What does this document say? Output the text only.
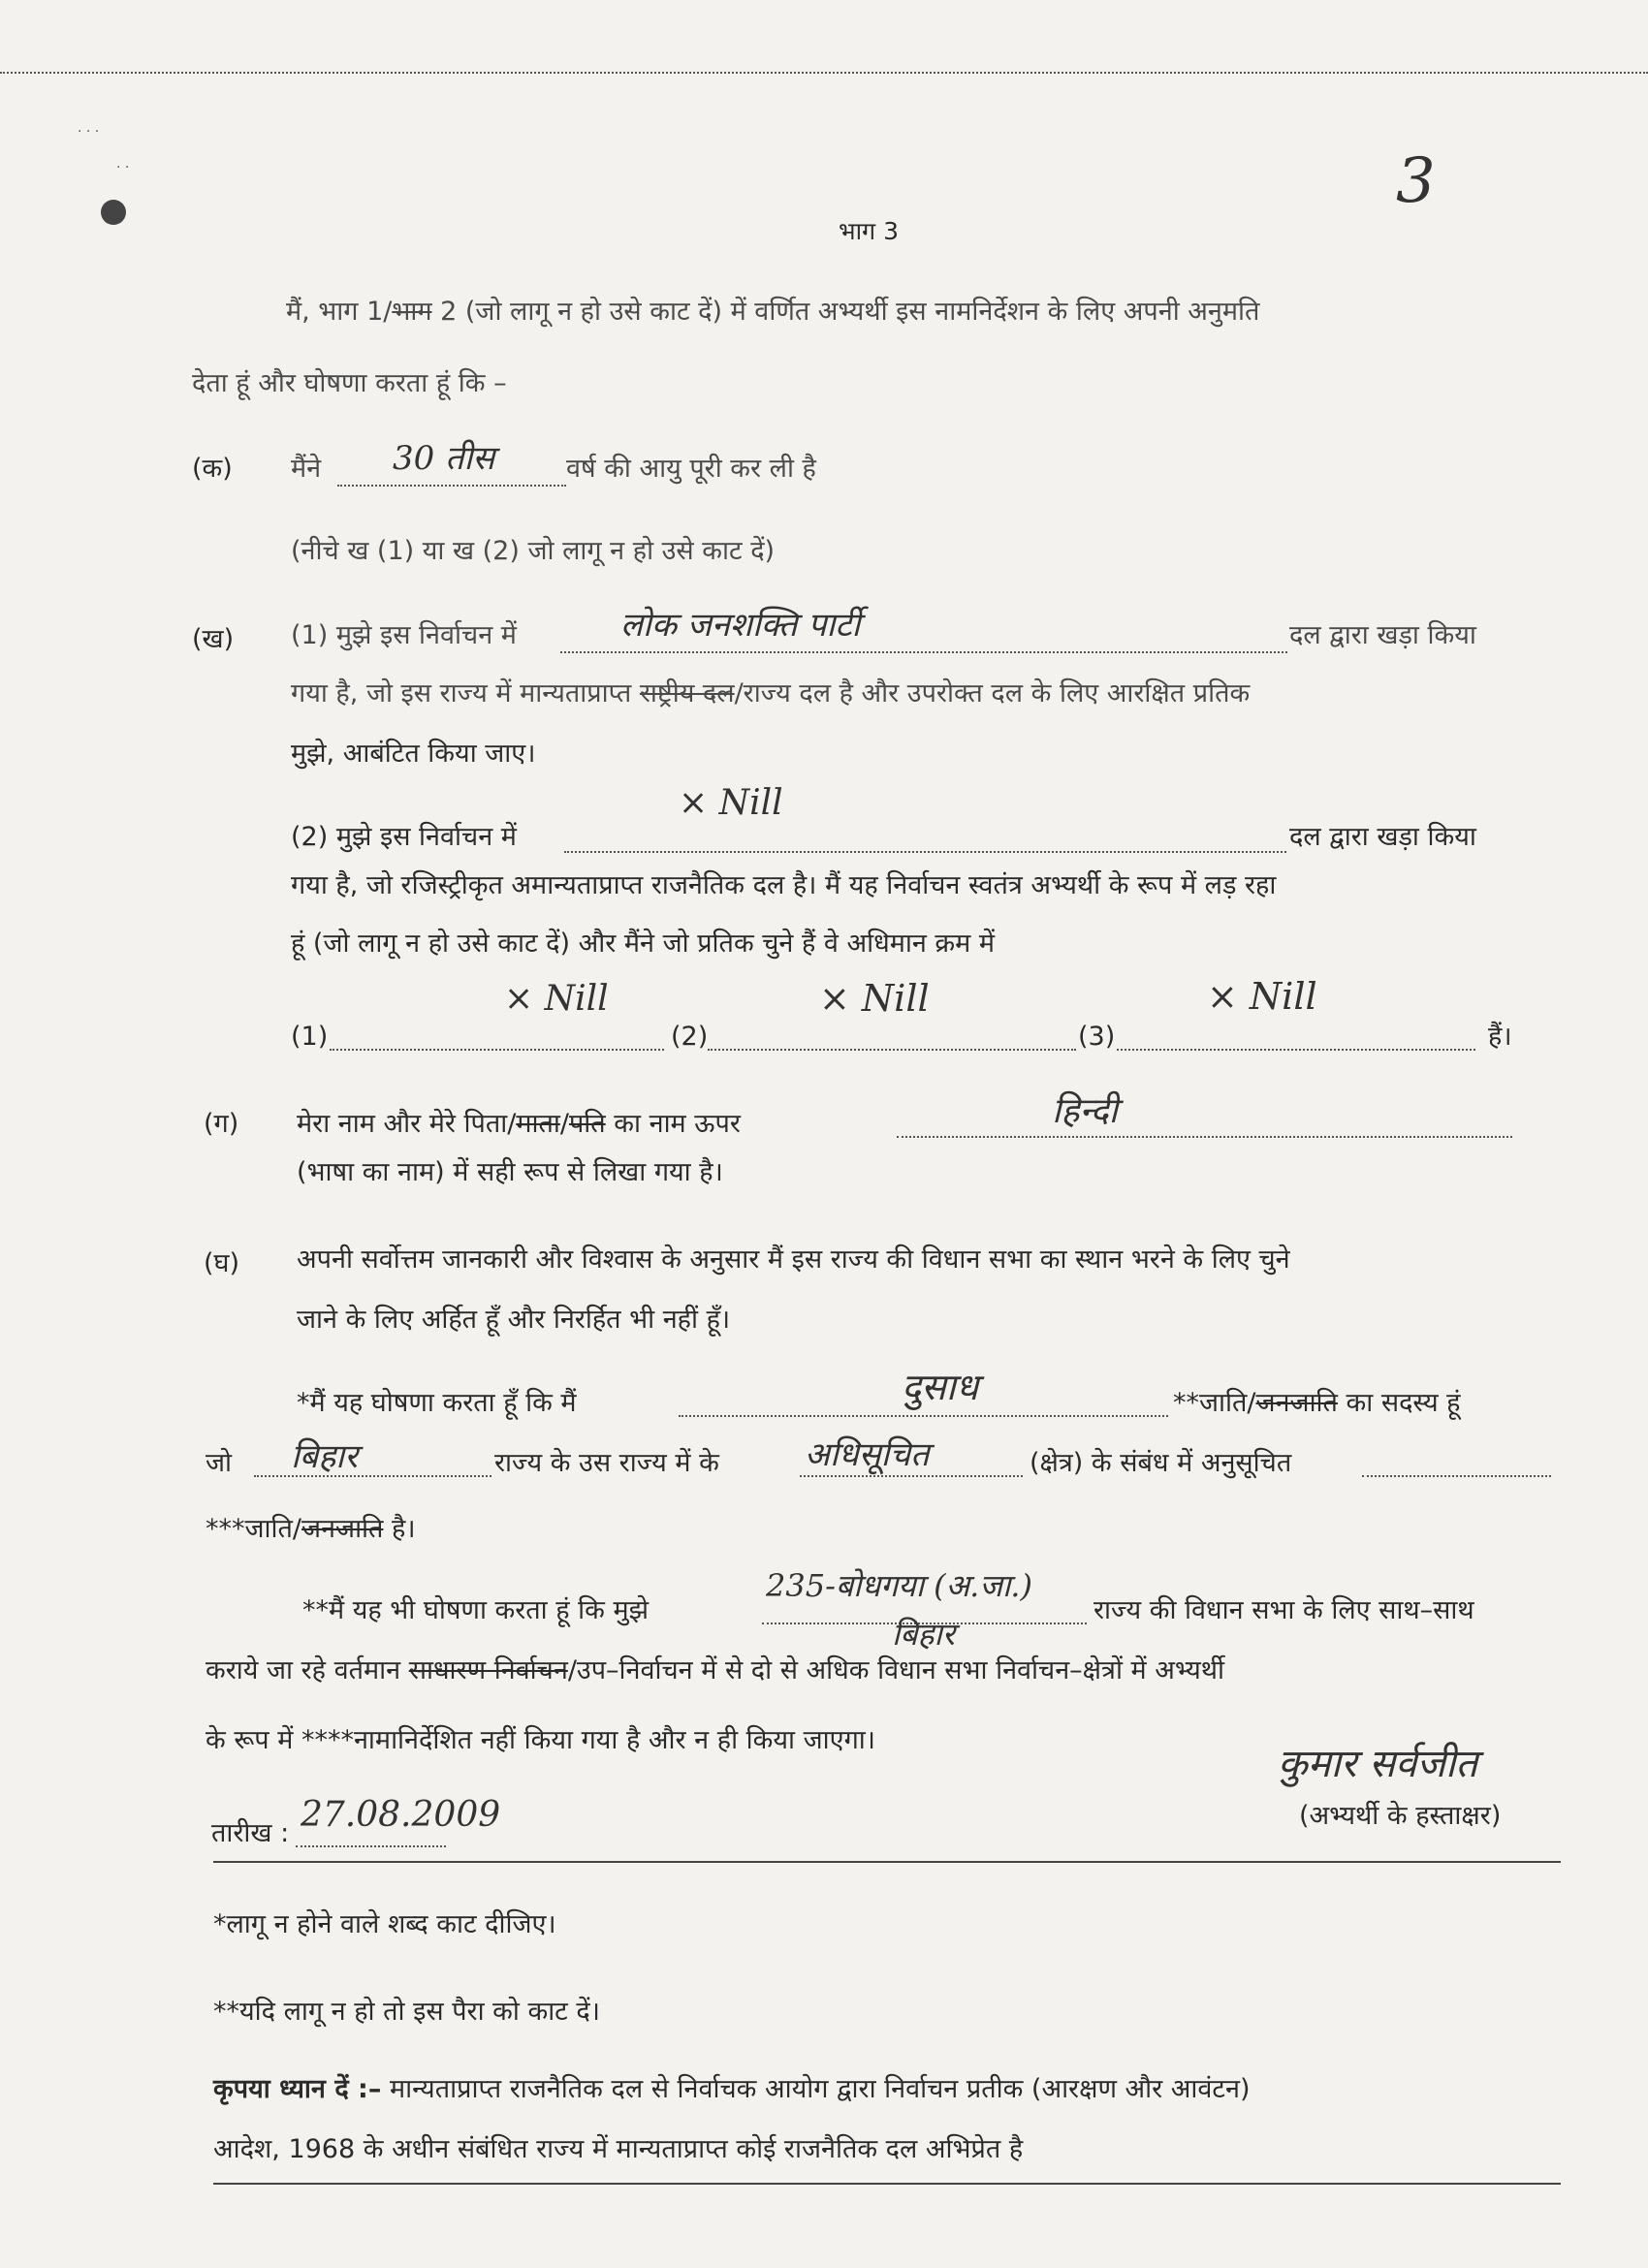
· · ·
· ·	3
भाग 3
मैं, भाग 1/भाग 2 (जो लागू न हो उसे काट दें) में वर्णित अभ्यर्थी इस नामनिर्देशन के लिए अपनी अनुमति
देता हूं और घोषणा करता हूं कि –
(क) मैंने 30 तीस	वर्ष की आयु पूरी कर ली है
(नीचे ख (1) या ख (2) जो लागू न हो उसे काट दें)
(ख) (1) मुझे इस निर्वाचन में	लोक जनशक्ति पार्टी	दल द्वारा खड़ा किया
गया है, जो इस राज्य में मान्यताप्राप्त राष्ट्रीय दल/राज्य दल है और उपरोक्त दल के लिए आरक्षित प्रतिक
मुझे, आबंटित किया जाए।
(2) मुझे इस निर्वाचन में
× Nill
दल द्वारा खड़ा किया
गया है, जो रजिस्ट्रीकृत अमान्यताप्राप्त राजनैतिक दल है। मैं यह निर्वाचन स्वतंत्र अभ्यर्थी के रूप में लड़ रहा
हूं (जो लागू न हो उसे काट दें) और मैंने जो प्रतिक चुने हैं वे अधिमान क्रम में
(1)
× Nill
(2)
× Nill
(3)
× Nill
हैं।
(ग) मेरा नाम और मेरे पिता/माता/पति का नाम ऊपर	हिन्दी
(भाषा का नाम) में सही रूप से लिखा गया है।
(घ) अपनी सर्वोत्तम जानकारी और विश्वास के अनुसार मैं इस राज्य की विधान सभा का स्थान भरने के लिए चुने
जाने के लिए अर्हित हूँ और निरर्हित भी नहीं हूँ।
*मैं यह घोषणा करता हूँ कि मैं	दुसाध	**जाति/जनजाति का सदस्य हूं
जो बिहार	राज्य के उस राज्य में के	अधिसूचित	(क्षेत्र) के संबंध में अनुसूचित
***जाति/जनजाति है।
**मैं यह भी घोषणा करता हूं कि मुझे
235-बोधगया (अ.जा.)
बिहार
राज्य की विधान सभा के लिए साथ–साथ
कराये जा रहे वर्तमान साधारण निर्वाचन/उप–निर्वाचन में से दो से अधिक विधान सभा निर्वाचन–क्षेत्रों में अभ्यर्थी
के रूप में ****नामानिर्देशित नहीं किया गया है और न ही किया जाएगा।
कुमार सर्वजीत
तारीख : 27.08.2009	(अभ्यर्थी के हस्ताक्षर)
*लागू न होने वाले शब्द काट दीजिए।
**यदि लागू न हो तो इस पैरा को काट दें।
कृपया ध्यान दें :– मान्यताप्राप्त राजनैतिक दल से निर्वाचक आयोग द्वारा निर्वाचन प्रतीक (आरक्षण और आवंटन)
आदेश, 1968 के अधीन संबंधित राज्य में मान्यताप्राप्त कोई राजनैतिक दल अभिप्रेत है
